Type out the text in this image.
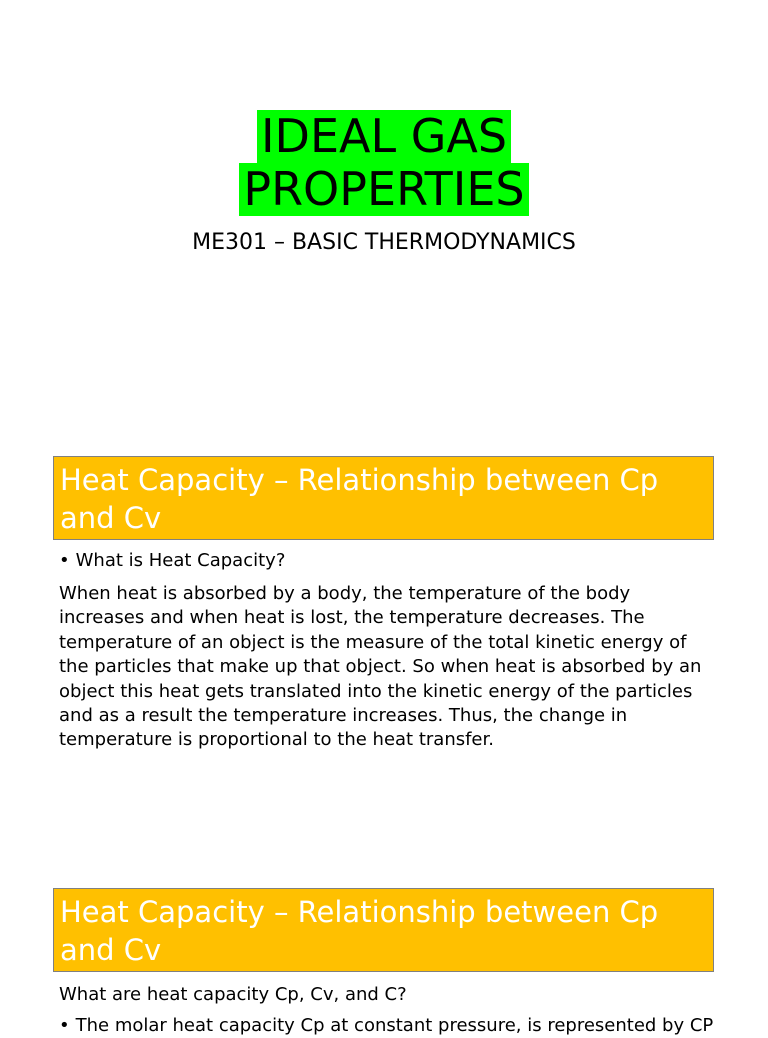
IDEAL GAS
PROPERTIES
ME301 – BASIC THERMODYNAMICS
Heat Capacity – Relationship between Cp and Cv
• What is Heat Capacity?
When heat is absorbed by a body, the temperature of the body increases and when heat is lost, the temperature decreases. The temperature of an object is the measure of the total kinetic energy of the particles that make up that object. So when heat is absorbed by an object this heat gets translated into the kinetic energy of the particles and as a result the temperature increases. Thus, the change in temperature is proportional to the heat transfer.
Heat Capacity – Relationship between Cp and Cv
What are heat capacity Cp, Cv, and C?
• The molar heat capacity Cp at constant pressure, is represented by CP
